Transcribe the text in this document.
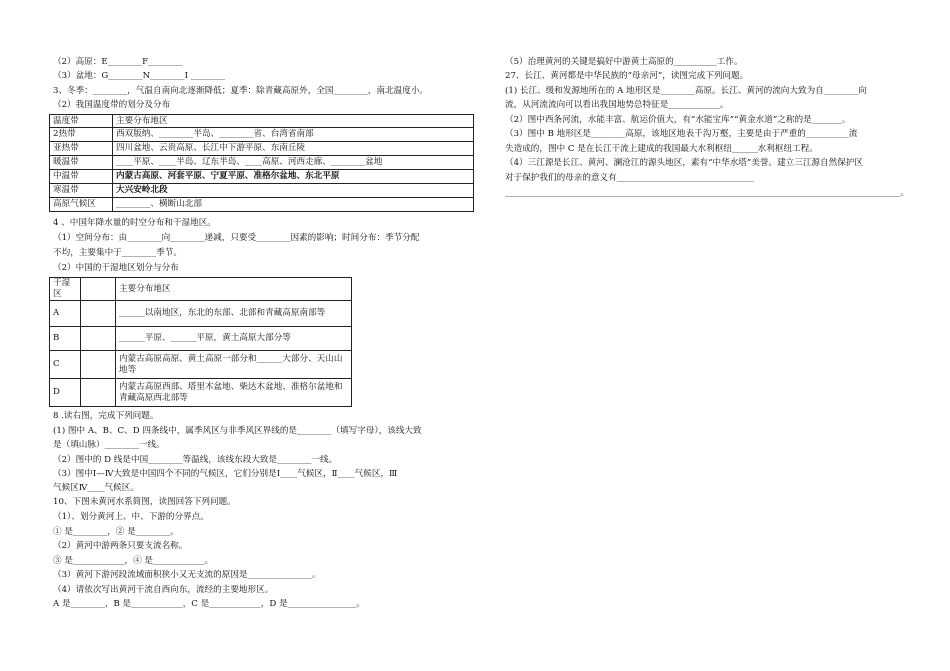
（2）高原：E________F________
（3）盆地：G________N________I ________
3、冬季：________，气温自南向北逐渐降低；夏季：除青藏高原外，全国________，南北温度小。
（2）我国温度带的划分及分布
温度带	主要分布地区
2热带	西双版纳、________半岛、________省、台湾省南部
亚热带	四川盆地、云贵高原、长江中下游平原、东南丘陵
暖温带	____平原、____半岛、辽东半岛、____高原、河西走廊、________盆地
中温带	内蒙古高原、河套平原、宁夏平原、准格尔盆地、东北平原
寒温带	大兴安岭北段
高原气候区	________、横断山北部
4 、中国年降水量的时空分布和干湿地区。
（1）空间分布：由________向________递减，只要受________因素的影响；时间分布：季节分配
不均，主要集中于________季节。
（2）中国的干湿地区划分与分布
干湿区		主要分布地区
A		______以南地区，东北的东部、北部和青藏高原南部等
B		______平原、______平原，黄土高原大部分等
C		内蒙古高原高原、黄土高原一部分和______大部分、天山山地等
D		内蒙古高原西部、塔里木盆地、柴达木盆地、准格尔盆地和青藏高原西北部等
8 .读右图，完成下列问题。
(1) 图中 A、B、C、D 四条线中，属季风区与非季风区界线的是________（填写字母），该线大致
是（填山脉）________一线。
（2）图中的 D 线是中国________等温线，该线东段大致是________一线。
（3）图中Ⅰ—Ⅳ大致是中国四个不同的气候区，它们分别是Ⅰ____气候区，Ⅱ____气候区，Ⅲ
气候区Ⅳ____气候区。
10、下图未黄河水系简图，读图回答下列问题。
（1）、划分黄河上、中、下游的分界点。
① 是________，② 是________。
（2）黄河中游两条只要支流名称。
③ 是____________，④ 是____________。
（3）黄河下游河段流域面积狭小又无支流的原因是_______________。
（4）请依次写出黄河干流自西向东，流经的主要地形区。
A 是________，B 是____________，C 是____________，D 是________________。
（5）治理黄河的关键是搞好中游黄土高原的__________工作。
27、长江、黄河都是中华民族的“母亲河”，读图完成下列问题。
(1) 长江、缓和发源地所在的 A 地形区是________高原。长江、黄河的流向大致为自________向
流，从河流流向可以看出我国地势总特征是____________。
（2）图中西条河流，水能丰富、航运价值大，有“水能宝库”“黄金水道”之称的是_______。
（3）图中 B 地形区是________高原，该地区地表千沟万壑，主要是由于严重的__________流
失造成的，图中 C 是在长江干流上建成的我国最大水利枢纽______水利枢纽工程。
（4）三江源是长江、黄河、澜沧江的源头地区，素有“中华水塔”美誉。建立三江源自然保护区
对于保护我们的母亲的意义有________________________________
____________________________________________________________________________________________。
